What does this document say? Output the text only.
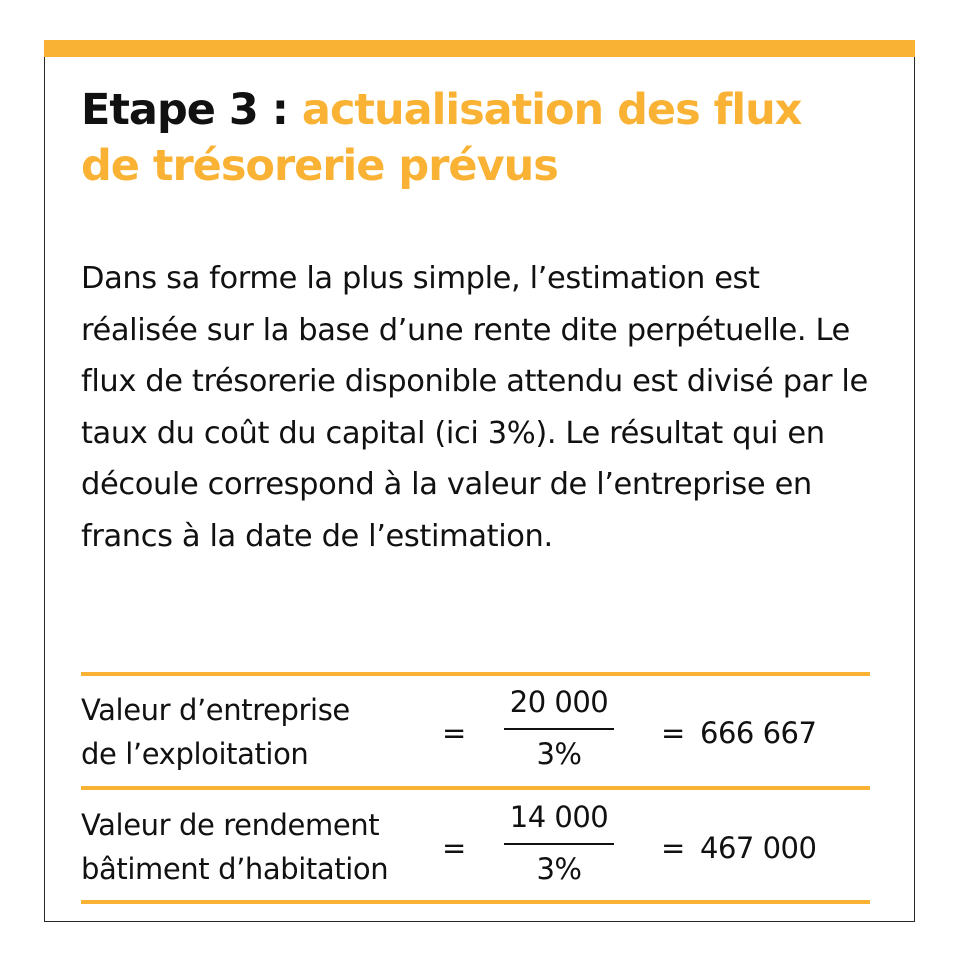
Etape 3 : actualisation des flux de trésorerie prévus

Dans sa forme la plus simple, l’estimation est réalisée sur la base d’une rente dite perpétuelle. Le flux de trésorerie disponible attendu est divisé par le taux du coût du capital (ici 3%). Le résultat qui en découle correspond à la valeur de l’entreprise en francs à la date de l’estimation.

Valeur d’entreprise
de l’exploitation
= $\frac{20 000}{3\%} = 666$ 667
Valeur de rendement
bâtiment d’habitation
= $\frac{14 000}{3\%} = 467$ 000
